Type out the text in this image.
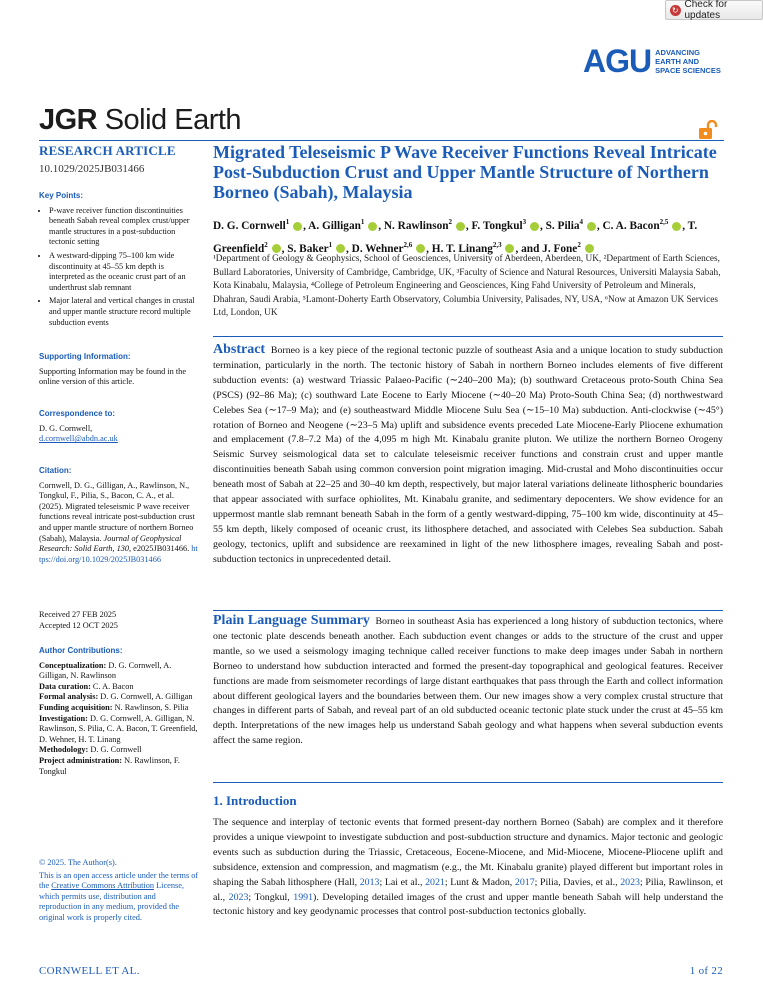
↻ Check for updates
AGU ADVANCING
EARTH AND
SPACE SCIENCES
JGR Solid Earth
RESEARCH ARTICLE
10.1029/2025JB031466
Key Points:
• P-wave receiver function discontinuities beneath Sabah reveal complex crust/upper mantle structures in a post-subduction tectonic setting
• A westward-dipping 75–100 km wide discontinuity at 45–55 km depth is interpreted as the oceanic crust part of an underthrust slab remnant
• Major lateral and vertical changes in crustal and upper mantle structure record multiple subduction events
Supporting Information:
Supporting Information may be found in the online version of this article.
Correspondence to:
D. G. Cornwell,
d.cornwell@abdn.ac.uk
Citation:
Cornwell, D. G., Gilligan, A., Rawlinson, N., Tongkul, F., Pilia, S., Bacon, C. A., et al. (2025). Migrated teleseismic P wave receiver functions reveal intricate post-subduction crust and upper mantle structure of northern Borneo (Sabah), Malaysia. Journal of Geophysical Research: Solid Earth, 130, e2025JB031466. https://doi.org/10.1029/2025JB031466
Received 27 FEB 2025
Accepted 12 OCT 2025
Author Contributions:
Conceptualization: D. G. Cornwell, A. Gilligan, N. Rawlinson
Data curation: C. A. Bacon
Formal analysis: D. G. Cornwell, A. Gilligan
Funding acquisition: N. Rawlinson, S. Pilia
Investigation: D. G. Cornwell, A. Gilligan, N. Rawlinson, S. Pilia, C. A. Bacon, T. Greenfield, D. Wehner, H. T. Linang
Methodology: D. G. Cornwell
Project administration: N. Rawlinson, F. Tongkul
© 2025. The Author(s).
This is an open access article under the terms of the Creative Commons Attribution License, which permits use, distribution and reproduction in any medium, provided the original work is properly cited.
Migrated Teleseismic P Wave Receiver Functions Reveal Intricate Post-Subduction Crust and Upper Mantle Structure of Northern Borneo (Sabah), Malaysia
D. G. Cornwell$^1$ , A. Gilligan$^1$ , N. Rawlinson$^2$ , F. Tongkul$^3$ , S. Pilia$^4$ , C. A. Bacon$^{2,5}$ , T. Greenfield$^2$ , S. Baker$^1$ , D. Wehner$^{2,6}$ , H. T. Linang$^{2,3}$ , and J. Fone$^2$
¹Department of Geology & Geophysics, School of Geosciences, University of Aberdeen, Aberdeen, UK, ²Department of Earth Sciences, Bullard Laboratories, University of Cambridge, Cambridge, UK, ³Faculty of Science and Natural Resources, Universiti Malaysia Sabah, Kota Kinabalu, Malaysia, ⁴College of Petroleum Engineering and Geosciences, King Fahd University of Petroleum and Minerals, Dhahran, Saudi Arabia, ⁵Lamont-Doherty Earth Observatory, Columbia University, Palisades, NY, USA, ⁶Now at Amazon UK Services Ltd, London, UK
Abstract Borneo is a key piece of the regional tectonic puzzle of southeast Asia and a unique location to study subduction termination, particularly in the north. The tectonic history of Sabah in northern Borneo includes elements of five different subduction events: (a) westward Triassic Palaeo-Pacific (∼240–200 Ma); (b) southward Cretaceous proto-South China Sea (PSCS) (92–86 Ma); (c) southward Late Eocene to Early Miocene (∼40–20 Ma) Proto-South China Sea; (d) northwestward Celebes Sea (∼17–9 Ma); and (e) southeastward Middle Miocene Sulu Sea (∼15–10 Ma) subduction. Anti-clockwise (∼45°) rotation of Borneo and Neogene (∼23–5 Ma) uplift and subsidence events preceded Late Miocene-Early Pliocene exhumation and emplacement (7.8–7.2 Ma) of the 4,095 m high Mt. Kinabalu granite pluton. We utilize the northern Borneo Orogeny Seismic Survey seismological data set to calculate teleseismic receiver functions and constrain crust and upper mantle discontinuities beneath Sabah using common conversion point migration imaging. Mid-crustal and Moho discontinuities occur beneath most of Sabah at 22–25 and 30–40 km depth, respectively, but major lateral variations delineate lithospheric boundaries that appear associated with surface ophiolites, Mt. Kinabalu granite, and sedimentary depocenters. We show evidence for an uppermost mantle slab remnant beneath Sabah in the form of a gently westward-dipping, 75–100 km wide, discontinuity at 45–55 km depth, likely composed of oceanic crust, its lithosphere detached, and associated with Celebes Sea subduction. Sabah geology, tectonics, uplift and subsidence are reexamined in light of the new lithosphere images, revealing Sabah and post-subduction tectonics in unprecedented detail.
Plain Language Summary Borneo in southeast Asia has experienced a long history of subduction tectonics, where one tectonic plate descends beneath another. Each subduction event changes or adds to the structure of the crust and upper mantle, so we used a seismology imaging technique called receiver functions to make deep images under Sabah in northern Borneo to understand how subduction interacted and formed the present-day topographical and geological features. Receiver functions are made from seismometer recordings of large distant earthquakes that pass through the Earth and collect information about different geological layers and the boundaries between them. Our new images show a very complex crustal structure that changes in different parts of Sabah, and reveal part of an old subducted oceanic tectonic plate stuck under the crust at 45–55 km depth. Interpretations of the new images help us understand Sabah geology and what happens when several subduction events affect the same region.
1. Introduction
The sequence and interplay of tectonic events that formed present-day northern Borneo (Sabah) are complex and it therefore provides a unique viewpoint to investigate subduction and post-subduction structure and dynamics. Major tectonic and geologic events such as subduction during the Triassic, Cretaceous, Eocene-Miocene, and Mid-Miocene, Miocene-Pliocene uplift and subsidence, extension and compression, and magmatism (e.g., the Mt. Kinabalu granite) played different but important roles in shaping the Sabah lithosphere (Hall, 2013; Lai et al., 2021; Lunt & Madon, 2017; Pilia, Davies, et al., 2023; Pilia, Rawlinson, et al., 2023; Tongkul, 1991). Developing detailed images of the crust and upper mantle beneath Sabah will help understand the tectonic history and key geodynamic processes that control post-subduction tectonics globally.
CORNWELL ET AL.	1 of 22
